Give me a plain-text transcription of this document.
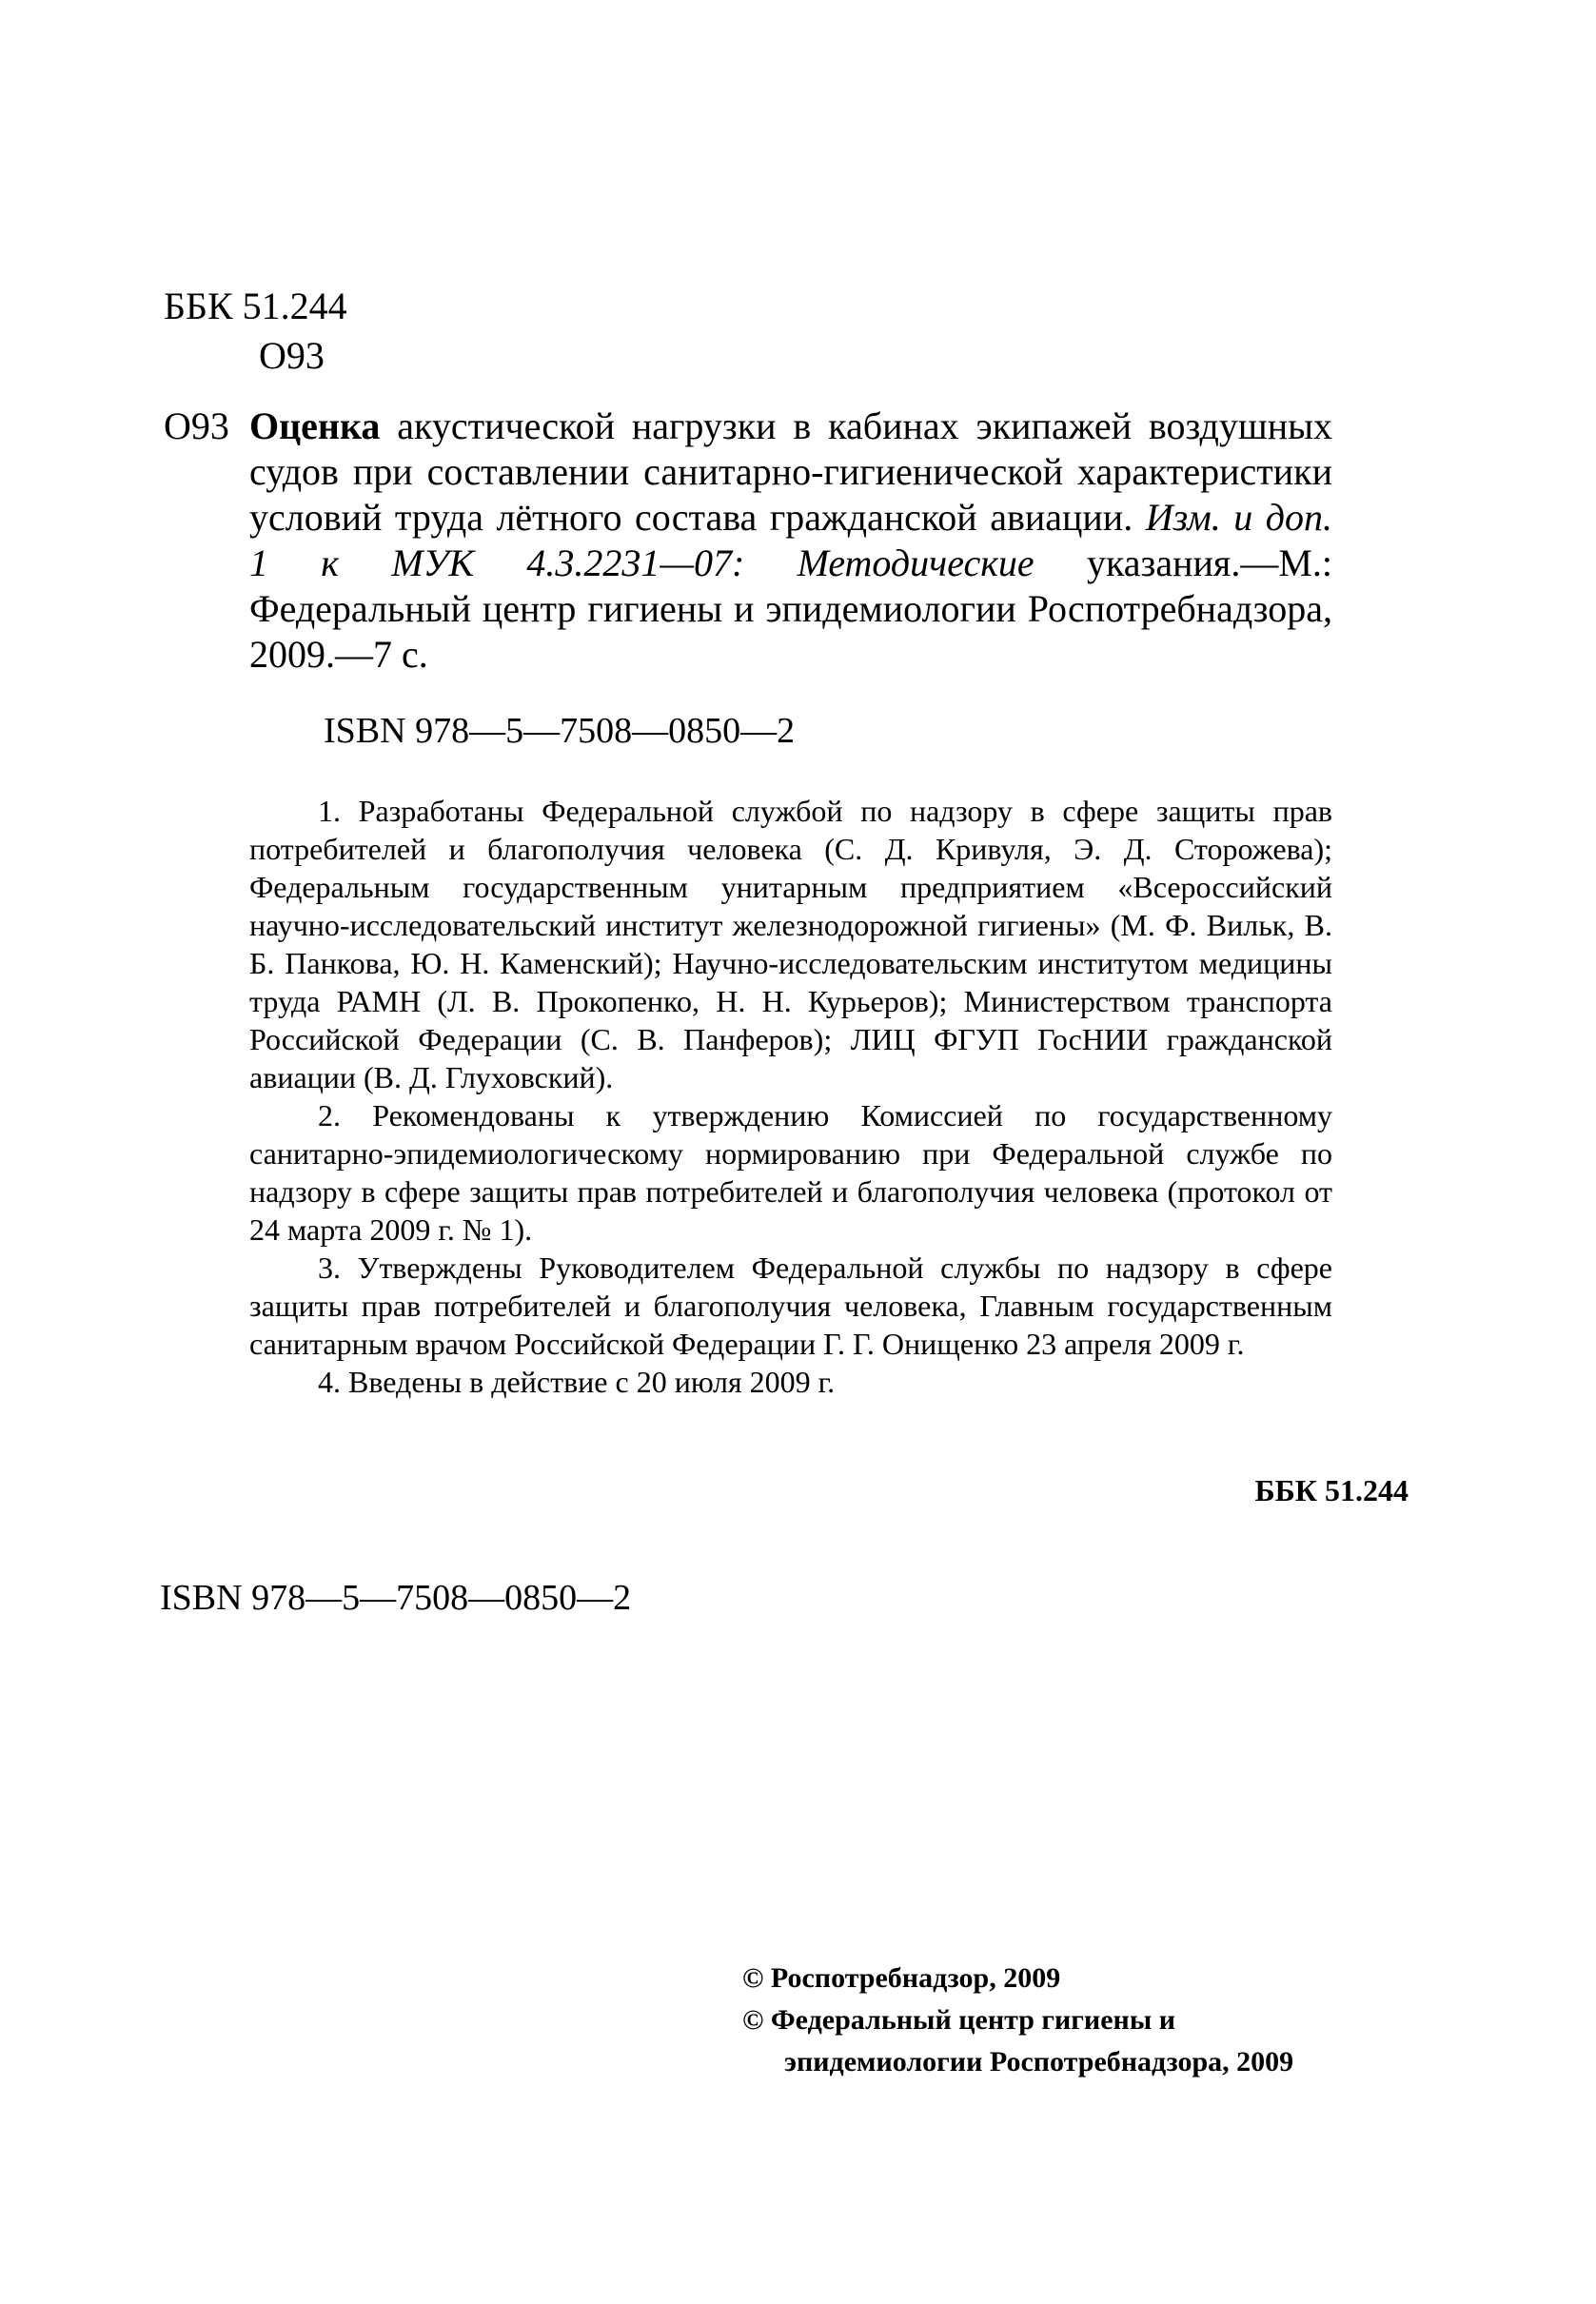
ББК 51.244
О93
О93 Оценка акустической нагрузки в кабинах экипажей воздушных судов при составлении санитарно-гигиенической характеристики условий труда лётного состава гражданской авиации. Изм. и доп. 1 к МУК 4.3.2231—07: Методические указания.—М.: Федеральный центр гигиены и эпидемиологии Роспотребнадзора, 2009.—7 с.
ISBN 978—5—7508—0850—2

1. Разработаны Федеральной службой по надзору в сфере защиты прав потребителей и благополучия человека (С. Д. Кривуля, Э. Д. Сторожева); Федеральным государственным унитарным предприятием «Всероссийский научно-исследовательский институт железнодорожной гигиены» (М. Ф. Вильк, В. Б. Панкова, Ю. Н. Каменский); Научно-исследовательским институтом медицины труда РАМН (Л. В. Прокопенко, Н. Н. Курьеров); Министерством транспорта Российской Федерации (С. В. Панферов); ЛИЦ ФГУП ГосНИИ гражданской авиации (В. Д. Глуховский).

2. Рекомендованы к утверждению Комиссией по государственному санитарно-эпидемиологическому нормированию при Федеральной службе по надзору в сфере защиты прав потребителей и благополучия человека (протокол от 24 марта 2009 г. № 1).

3. Утверждены Руководителем Федеральной службы по надзору в сфере защиты прав потребителей и благополучия человека, Главным государственным санитарным врачом Российской Федерации Г. Г. Онищенко 23 апреля 2009 г.

4. Введены в действие с 20 июля 2009 г.

ББК 51.244
ISBN 978—5—7508—0850—2
© Роспотребнадзор, 2009
© Федеральный центр гигиены и
эпидемиологии Роспотребнадзора, 2009
